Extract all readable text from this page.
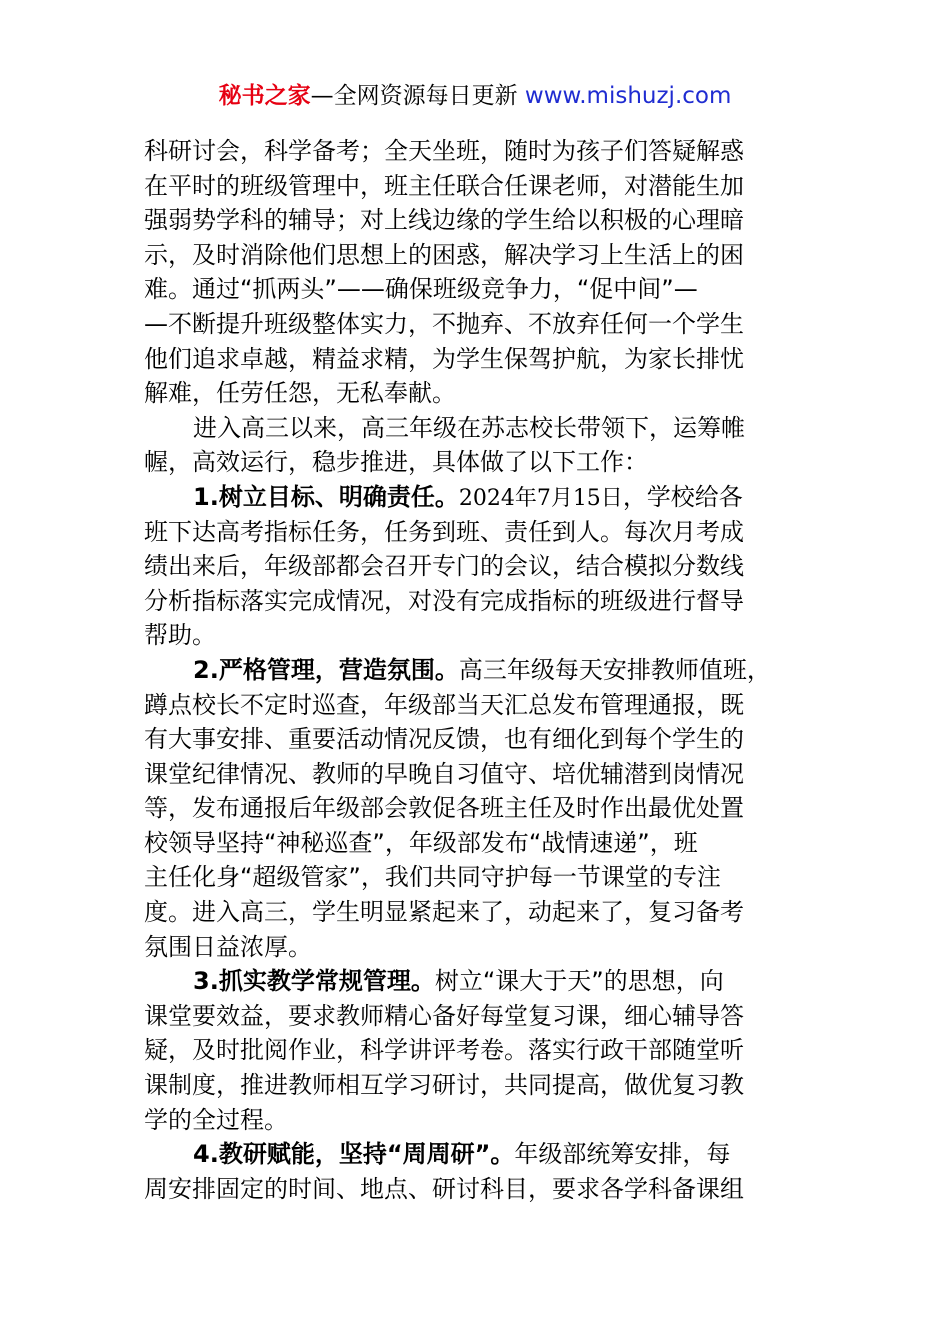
秘书之家—全网资源每日更新 www.mishuzj.com
科研讨会，科学备考；全天坐班，随时为孩子们答疑解惑
在平时的班级管理中，班主任联合任课老师，对潜能生加
强弱势学科的辅导；对上线边缘的学生给以积极的心理暗
示，及时消除他们思想上的困惑，解决学习上生活上的困
难。通过“抓两头”——确保班级竞争力，“促中间”—
—不断提升班级整体实力，不抛弃、不放弃任何一个学生
他们追求卓越，精益求精，为学生保驾护航，为家长排忧
解难，任劳任怨，无私奉献。
进入高三以来，高三年级在苏志校长带领下，运筹帷
幄，高效运行，稳步推进，具体做了以下工作：
1.树立目标、明确责任。2024年7月15日，学校给各
班下达高考指标任务，任务到班、责任到人。每次月考成
绩出来后，年级部都会召开专门的会议，结合模拟分数线
分析指标落实完成情况，对没有完成指标的班级进行督导
帮助。
2.严格管理，营造氛围。高三年级每天安排教师值班，
蹲点校长不定时巡查，年级部当天汇总发布管理通报，既
有大事安排、重要活动情况反馈，也有细化到每个学生的
课堂纪律情况、教师的早晚自习值守、培优辅潜到岗情况
等，发布通报后年级部会敦促各班主任及时作出最优处置
校领导坚持“神秘巡查”，年级部发布“战情速递”，班
主任化身“超级管家”，我们共同守护每一节课堂的专注
度。进入高三，学生明显紧起来了，动起来了，复习备考
氛围日益浓厚。
3.抓实教学常规管理。树立“课大于天”的思想，向
课堂要效益，要求教师精心备好每堂复习课，细心辅导答
疑，及时批阅作业，科学讲评考卷。落实行政干部随堂听
课制度，推进教师相互学习研讨，共同提高，做优复习教
学的全过程。
4.教研赋能，坚持“周周研”。年级部统筹安排，每
周安排固定的时间、地点、研讨科目，要求各学科备课组
